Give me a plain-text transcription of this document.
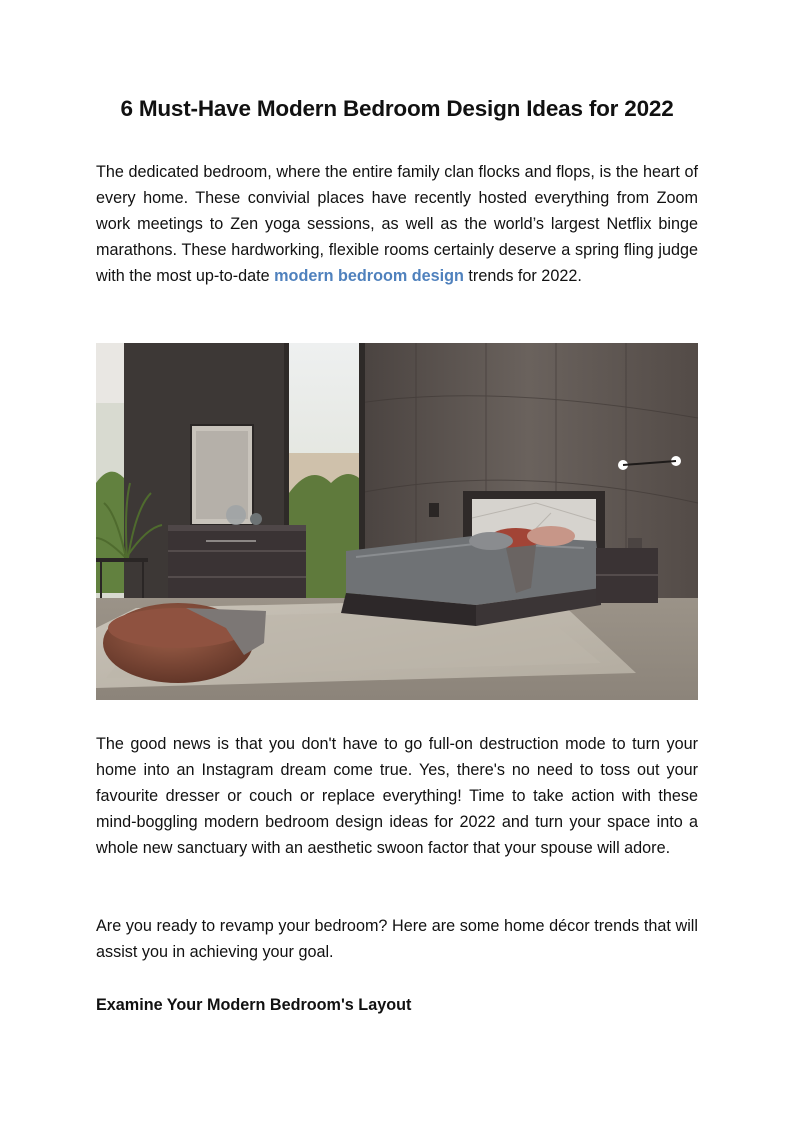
6 Must-Have Modern Bedroom Design Ideas for 2022

The dedicated bedroom, where the entire family clan flocks and flops, is the heart of every home. These convivial places have recently hosted everything from Zoom work meetings to Zen yoga sessions, as well as the world’s largest Netflix binge marathons. These hardworking, flexible rooms certainly deserve a spring fling judge with the most up-to-date modern bedroom design trends for 2022.

The good news is that you don't have to go full-on destruction mode to turn your home into an Instagram dream come true. Yes, there's no need to toss out your favourite dresser or couch or replace everything! Time to take action with these mind-boggling modern bedroom design ideas for 2022 and turn your space into a whole new sanctuary with an aesthetic swoon factor that your spouse will adore.

Are you ready to revamp your bedroom? Here are some home décor trends that will assist you in achieving your goal.

Examine Your Modern Bedroom's Layout
